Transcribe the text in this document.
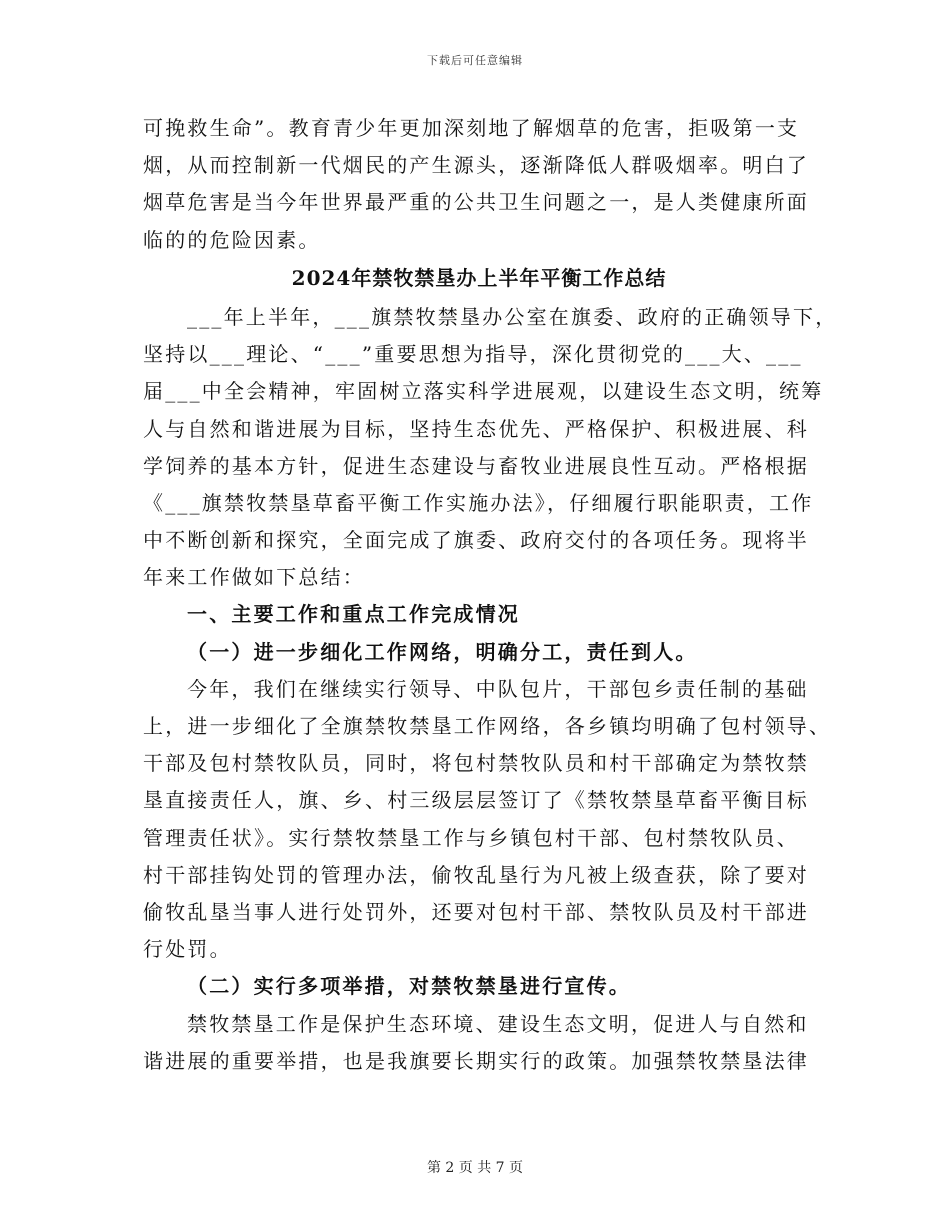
下载后可任意编辑
可挽救生命”。教育青少年更加深刻地了解烟草的危害，拒吸第一支
烟，从而控制新一代烟民的产生源头，逐渐降低人群吸烟率。明白了
烟草危害是当今年世界最严重的公共卫生问题之一，是人类健康所面
临的的危险因素。
2024年禁牧禁垦办上半年平衡工作总结
___年上半年，___旗禁牧禁垦办公室在旗委、政府的正确领导下，
坚持以___理论、“___”重要思想为指导，深化贯彻党的___大、___
届___中全会精神，牢固树立落实科学进展观，以建设生态文明，统筹
人与自然和谐进展为目标，坚持生态优先、严格保护、积极进展、科
学饲养的基本方针，促进生态建设与畜牧业进展良性互动。严格根据
《___旗禁牧禁垦草畜平衡工作实施办法》，仔细履行职能职责，工作
中不断创新和探究，全面完成了旗委、政府交付的各项任务。现将半
年来工作做如下总结：
一、主要工作和重点工作完成情况
（一）进一步细化工作网络，明确分工，责任到人。
今年，我们在继续实行领导、中队包片，干部包乡责任制的基础
上，进一步细化了全旗禁牧禁垦工作网络，各乡镇均明确了包村领导、
干部及包村禁牧队员，同时，将包村禁牧队员和村干部确定为禁牧禁
垦直接责任人，旗、乡、村三级层层签订了《禁牧禁垦草畜平衡目标
管理责任状》。实行禁牧禁垦工作与乡镇包村干部、包村禁牧队员、
村干部挂钩处罚的管理办法，偷牧乱垦行为凡被上级查获，除了要对
偷牧乱垦当事人进行处罚外，还要对包村干部、禁牧队员及村干部进
行处罚。
（二）实行多项举措，对禁牧禁垦进行宣传。
禁牧禁垦工作是保护生态环境、建设生态文明，促进人与自然和
谐进展的重要举措，也是我旗要长期实行的政策。加强禁牧禁垦法律
第 2 页 共 7 页
